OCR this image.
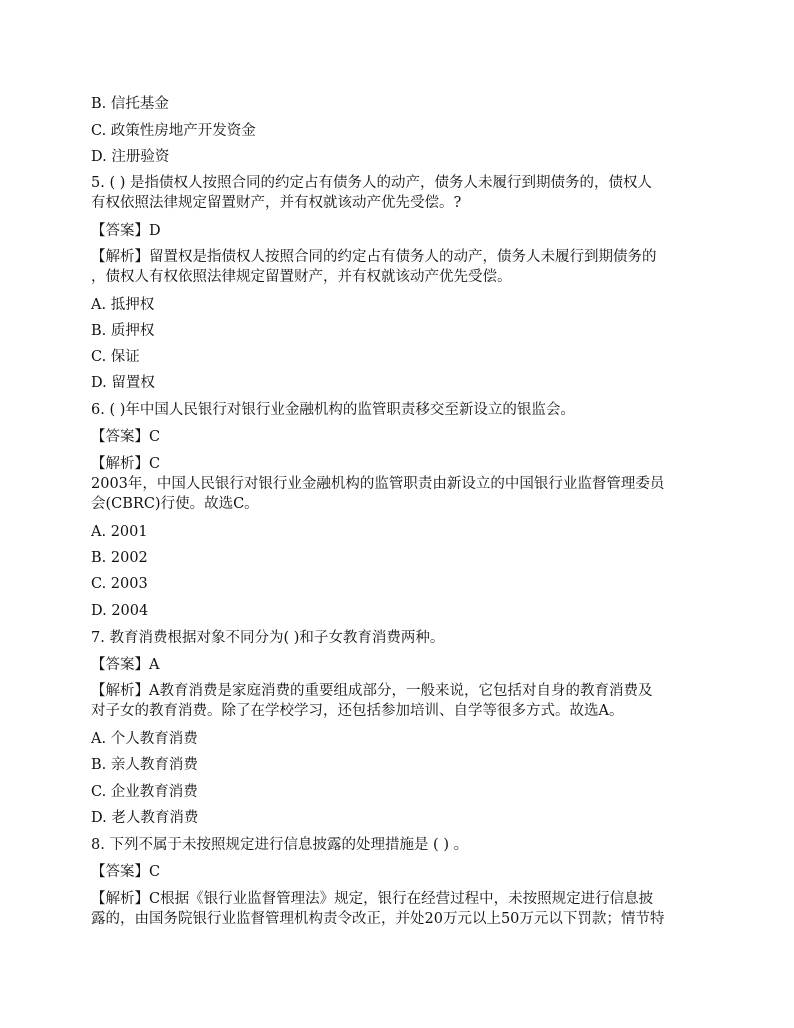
B. 信托基金

C. 政策性房地产开发资金

D. 注册验资

5. ( ) 是指债权人按照合同的约定占有债务人的动产，债务人未履行到期债务的，债权人

有权依照法律规定留置财产，并有权就该动产优先受偿。?

【答案】D

【解析】留置权是指债权人按照合同的约定占有债务人的动产，债务人未履行到期债务的

，债权人有权依照法律规定留置财产，并有权就该动产优先受偿。

A. 抵押权

B. 质押权

C. 保证

D. 留置权

6. ( )年中国人民银行对银行业金融机构的监管职责移交至新设立的银监会。

【答案】C

【解析】C

2003年，中国人民银行对银行业金融机构的监管职责由新设立的中国银行业监督管理委员

会(CBRC)行使。故选C。

A. 2001

B. 2002

C. 2003

D. 2004

7. 教育消费根据对象不同分为( )和子女教育消费两种。

【答案】A

【解析】A教育消费是家庭消费的重要组成部分，一般来说，它包括对自身的教育消费及

对子女的教育消费。除了在学校学习，还包括参加培训、自学等很多方式。故选A。

A. 个人教育消费

B. 亲人教育消费

C. 企业教育消费

D. 老人教育消费

8. 下列不属于未按照规定进行信息披露的处理措施是 ( ) 。

【答案】C

【解析】C根据《银行业监督管理法》规定，银行在经营过程中，未按照规定进行信息披

露的，由国务院银行业监督管理机构责令改正，并处20万元以上50万元以下罚款；情节特
